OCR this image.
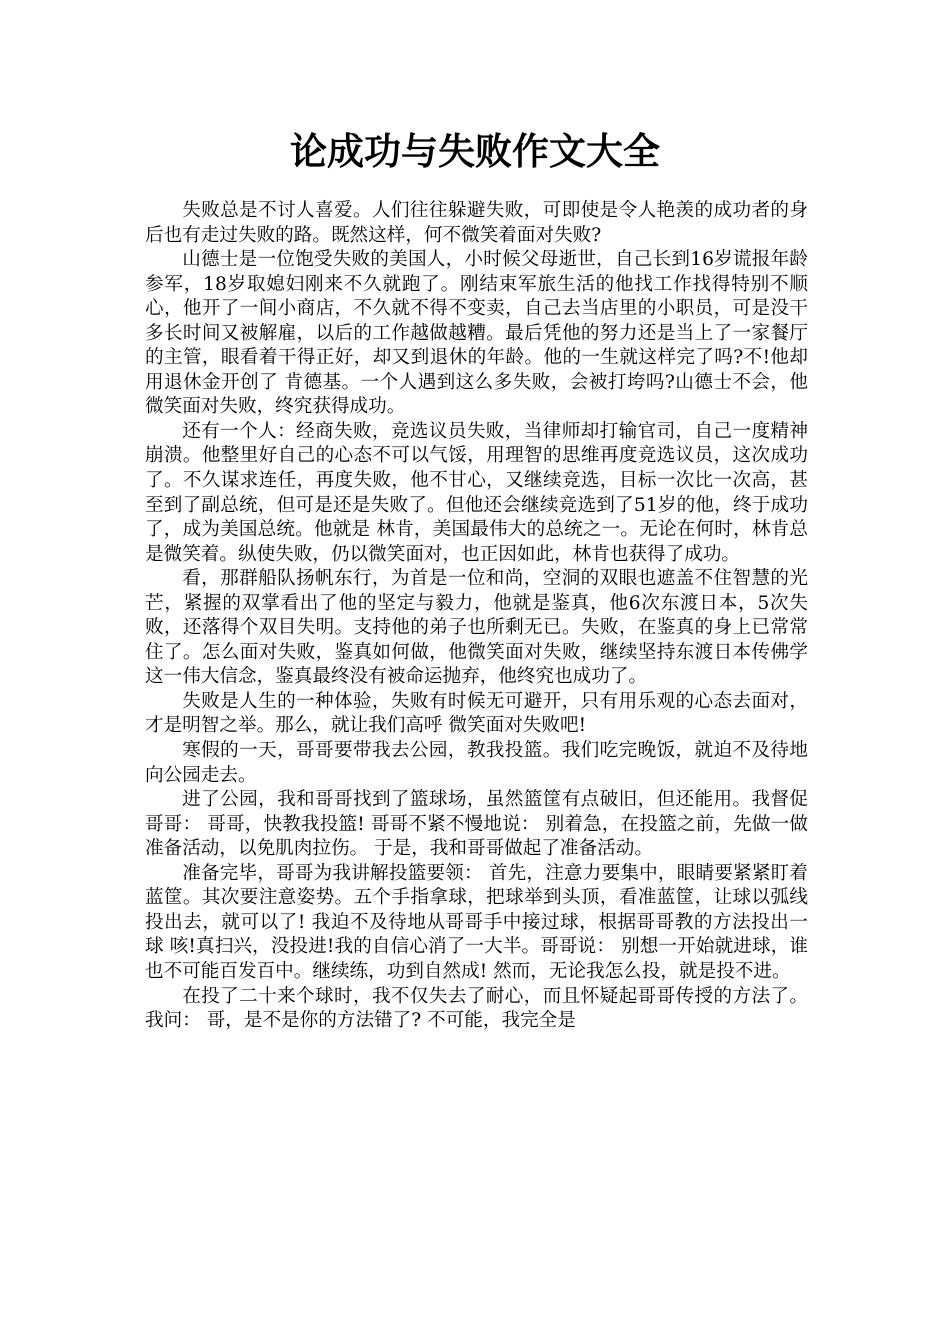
论成功与失败作文大全

失败总是不讨人喜爱。人们往往躲避失败，可即使是令人艳羡的成功者的身后也有走过失败的路。既然这样，何不微笑着面对失败?

山德士是一位饱受失败的美国人，小时候父母逝世，自己长到16岁谎报年龄参军，18岁取媳妇刚来不久就跑了。刚结束军旅生活的他找工作找得特别不顺心，他开了一间小商店，不久就不得不变卖，自己去当店里的小职员，可是没干多长时间又被解雇，以后的工作越做越糟。最后凭他的努力还是当上了一家餐厅的主管，眼看着干得正好，却又到退休的年龄。他的一生就这样完了吗?不!他却用退休金开创了 肯德基。一个人遇到这么多失败，会被打垮吗?山德士不会，他微笑面对失败，终究获得成功。

还有一个人：经商失败，竞选议员失败，当律师却打输官司，自己一度精神崩溃。他整里好自己的心态不可以气馁，用理智的思维再度竞选议员，这次成功了。不久谋求连任，再度失败，他不甘心，又继续竞选，目标一次比一次高，甚至到了副总统，但可是还是失败了。但他还会继续竞选到了51岁的他，终于成功了，成为美国总统。他就是 林肯，美国最伟大的总统之一。无论在何时，林肯总是微笑着。纵使失败，仍以微笑面对，也正因如此，林肯也获得了成功。

看，那群船队扬帆东行，为首是一位和尚，空洞的双眼也遮盖不住智慧的光芒，紧握的双掌看出了他的坚定与毅力，他就是鉴真，他6次东渡日本，5次失败，还落得个双目失明。支持他的弟子也所剩无已。失败，在鉴真的身上已常常住了。怎么面对失败，鉴真如何做，他微笑面对失败，继续坚持东渡日本传佛学这一伟大信念，鉴真最终没有被命运抛弃，他终究也成功了。

失败是人生的一种体验，失败有时候无可避开，只有用乐观的心态去面对，才是明智之举。那么，就让我们高呼 微笑面对失败吧!

寒假的一天，哥哥要带我去公园，教我投篮。我们吃完晚饭，就迫不及待地向公园走去。

进了公园，我和哥哥找到了篮球场，虽然篮筐有点破旧，但还能用。我督促哥哥： 哥哥，快教我投篮! 哥哥不紧不慢地说： 别着急，在投篮之前，先做一做准备活动，以免肌肉拉伤。 于是，我和哥哥做起了准备活动。

准备完毕，哥哥为我讲解投篮要领： 首先，注意力要集中，眼睛要紧紧盯着蓝筐。其次要注意姿势。五个手指拿球，把球举到头顶，看准蓝筐，让球以弧线投出去，就可以了! 我迫不及待地从哥哥手中接过球，根据哥哥教的方法投出一球 咳!真扫兴，没投进!我的自信心消了一大半。哥哥说： 别想一开始就进球，谁也不可能百发百中。继续练，功到自然成! 然而，无论我怎么投，就是投不进。

在投了二十来个球时，我不仅失去了耐心，而且怀疑起哥哥传授的方法了。我问： 哥，是不是你的方法错了? 不可能，我完全是
